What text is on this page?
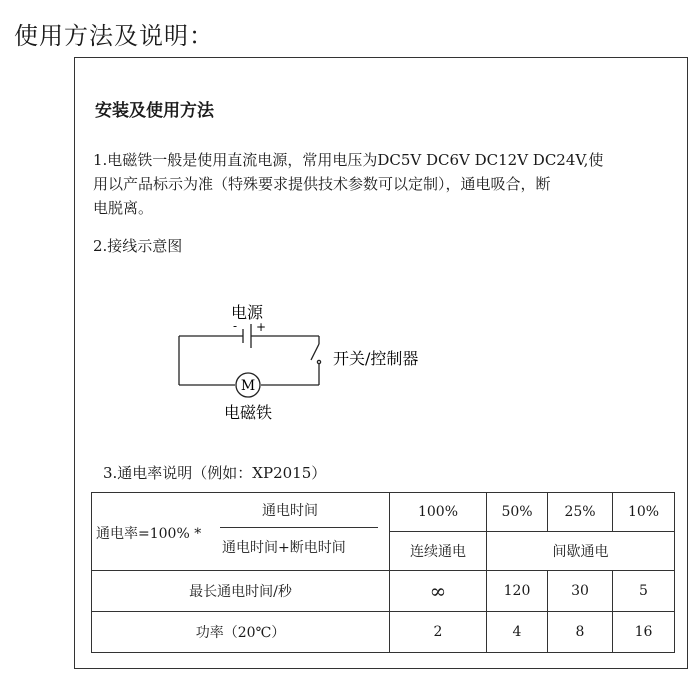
使用方法及说明：
安装及使用方法
1.电磁铁一般是使用直流电源，常用电压为DC5V DC6V DC12V DC24V,使
用以产品标示为准（特殊要求提供技术参数可以定制），通电吸合，断
电脱离。
2.接线示意图
电源
- +
开关/控制器
M
电磁铁
3.通电率说明（例如：XP2015）
通电率=100% *
通电时间
通电时间+断电时间	100%	50%	25%	10%
	连续通电	间歇通电		
最长通电时间/秒	∞	120	30	5
功率（20℃）	2	4	8	16
